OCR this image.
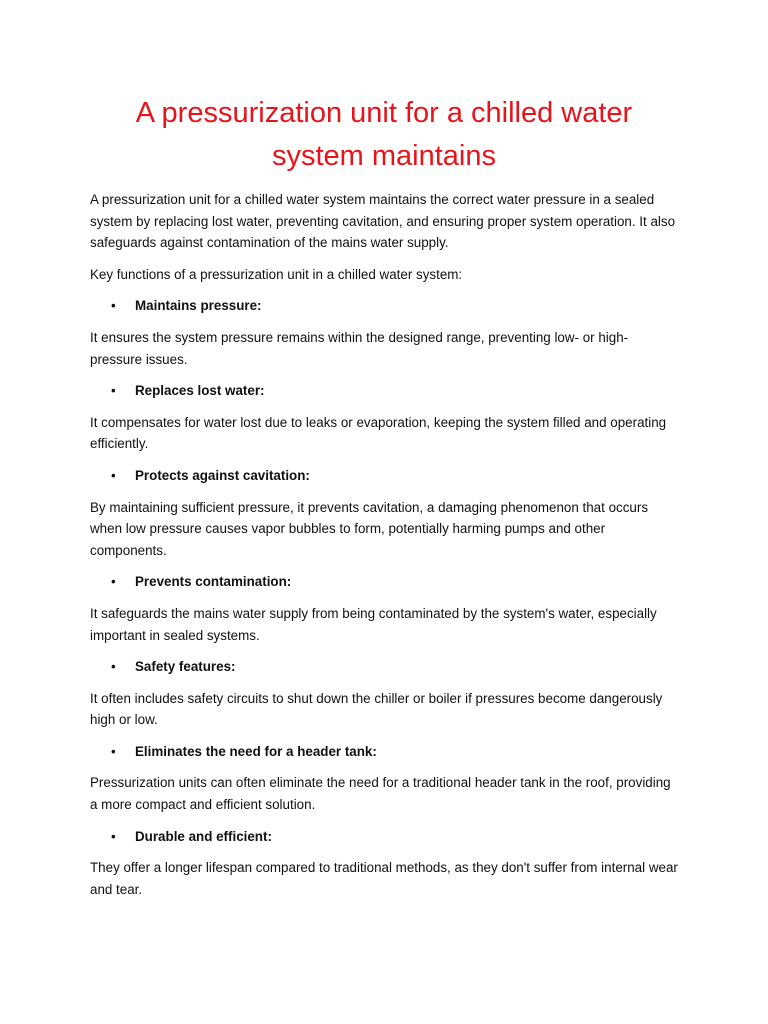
A pressurization unit for a chilled water system maintains

A pressurization unit for a chilled water system maintains the correct water pressure in a sealed system by replacing lost water, preventing cavitation, and ensuring proper system operation. It also safeguards against contamination of the mains water supply.

Key functions of a pressurization unit in a chilled water system:

•	Maintains pressure:

It ensures the system pressure remains within the designed range, preventing low- or high-pressure issues.

•	Replaces lost water:

It compensates for water lost due to leaks or evaporation, keeping the system filled and operating efficiently.

•	Protects against cavitation:

By maintaining sufficient pressure, it prevents cavitation, a damaging phenomenon that occurs when low pressure causes vapor bubbles to form, potentially harming pumps and other components.

•	Prevents contamination:

It safeguards the mains water supply from being contaminated by the system's water, especially important in sealed systems.

•	Safety features:

It often includes safety circuits to shut down the chiller or boiler if pressures become dangerously high or low.

•	Eliminates the need for a header tank:

Pressurization units can often eliminate the need for a traditional header tank in the roof, providing a more compact and efficient solution.

•	Durable and efficient:

They offer a longer lifespan compared to traditional methods, as they don't suffer from internal wear and tear.
